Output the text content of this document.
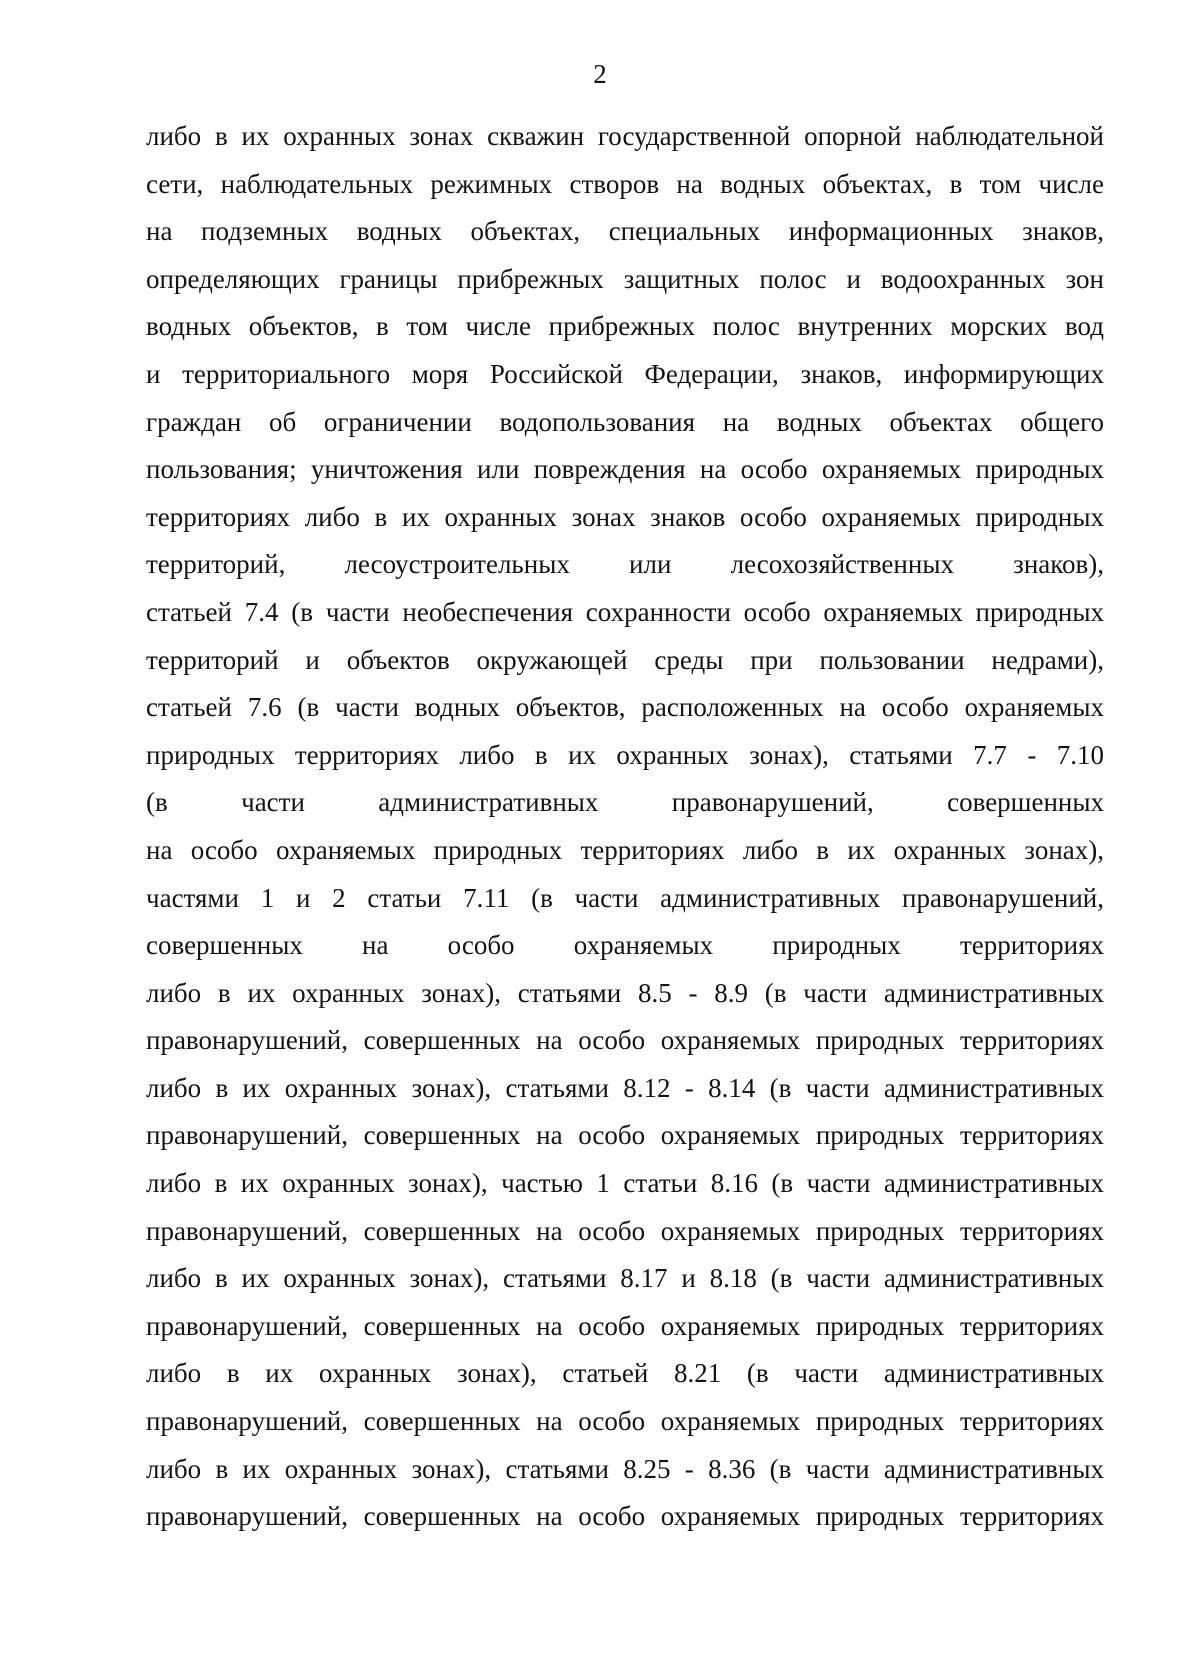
2
либо в их охранных зонах скважин государственной опорной наблюдательной
сети, наблюдательных режимных створов на водных объектах, в том числе
на подземных водных объектах, специальных информационных знаков,
определяющих границы прибрежных защитных полос и водоохранных зон
водных объектов, в том числе прибрежных полос внутренних морских вод
и территориального моря Российской Федерации, знаков, информирующих
граждан об ограничении водопользования на водных объектах общего
пользования; уничтожения или повреждения на особо охраняемых природных
территориях либо в их охранных зонах знаков особо охраняемых природных
территорий, лесоустроительных или лесохозяйственных знаков),
статьей 7.4 (в части необеспечения сохранности особо охраняемых природных
территорий и объектов окружающей среды при пользовании недрами),
статьей 7.6 (в части водных объектов, расположенных на особо охраняемых
природных территориях либо в их охранных зонах), статьями 7.7 - 7.10
(в части административных правонарушений, совершенных
на особо охраняемых природных территориях либо в их охранных зонах),
частями 1 и 2 статьи 7.11 (в части административных правонарушений,
совершенных на особо охраняемых природных территориях
либо в их охранных зонах), статьями 8.5 - 8.9 (в части административных
правонарушений, совершенных на особо охраняемых природных территориях
либо в их охранных зонах), статьями 8.12 - 8.14 (в части административных
правонарушений, совершенных на особо охраняемых природных территориях
либо в их охранных зонах), частью 1 статьи 8.16 (в части административных
правонарушений, совершенных на особо охраняемых природных территориях
либо в их охранных зонах), статьями 8.17 и 8.18 (в части административных
правонарушений, совершенных на особо охраняемых природных территориях
либо в их охранных зонах), статьей 8.21 (в части административных
правонарушений, совершенных на особо охраняемых природных территориях
либо в их охранных зонах), статьями 8.25 - 8.36 (в части административных
правонарушений, совершенных на особо охраняемых природных территориях
